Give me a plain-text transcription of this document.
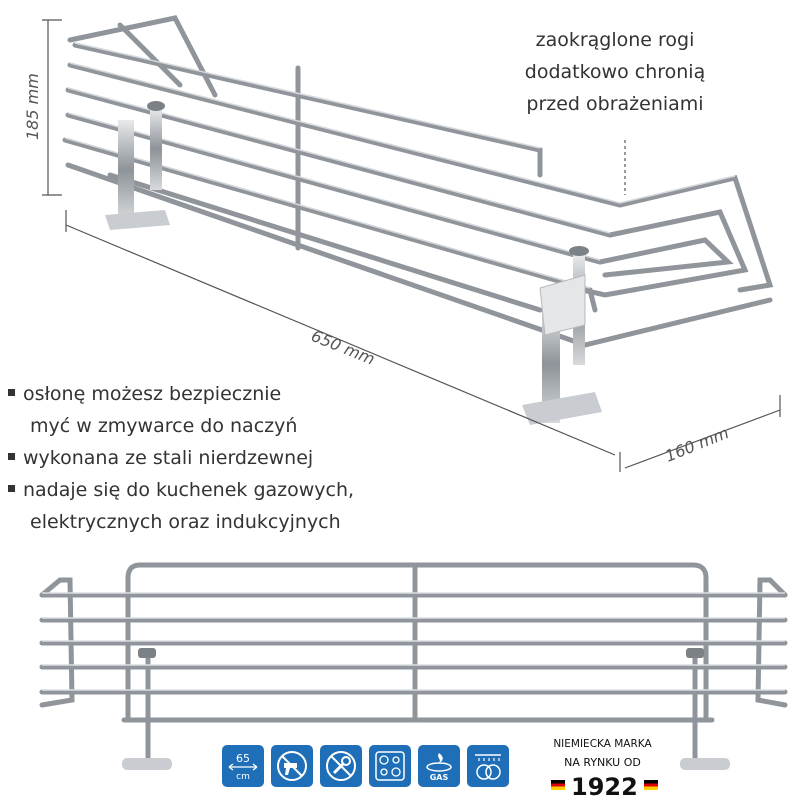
185 mm
650 mm
160 mm
zaokrąglone rogi
dodatkowo chronią
przed obrażeniami
osłonę możesz bezpiecznie
myć w zmywarce do naczyń
wykonana ze stali nierdzewnej
nadaje się do kuchenek gazowych,
elektrycznych oraz indukcyjnych
65
cm	GAS
NIEMIECKA MARKA
NA RYNKU OD
1922
